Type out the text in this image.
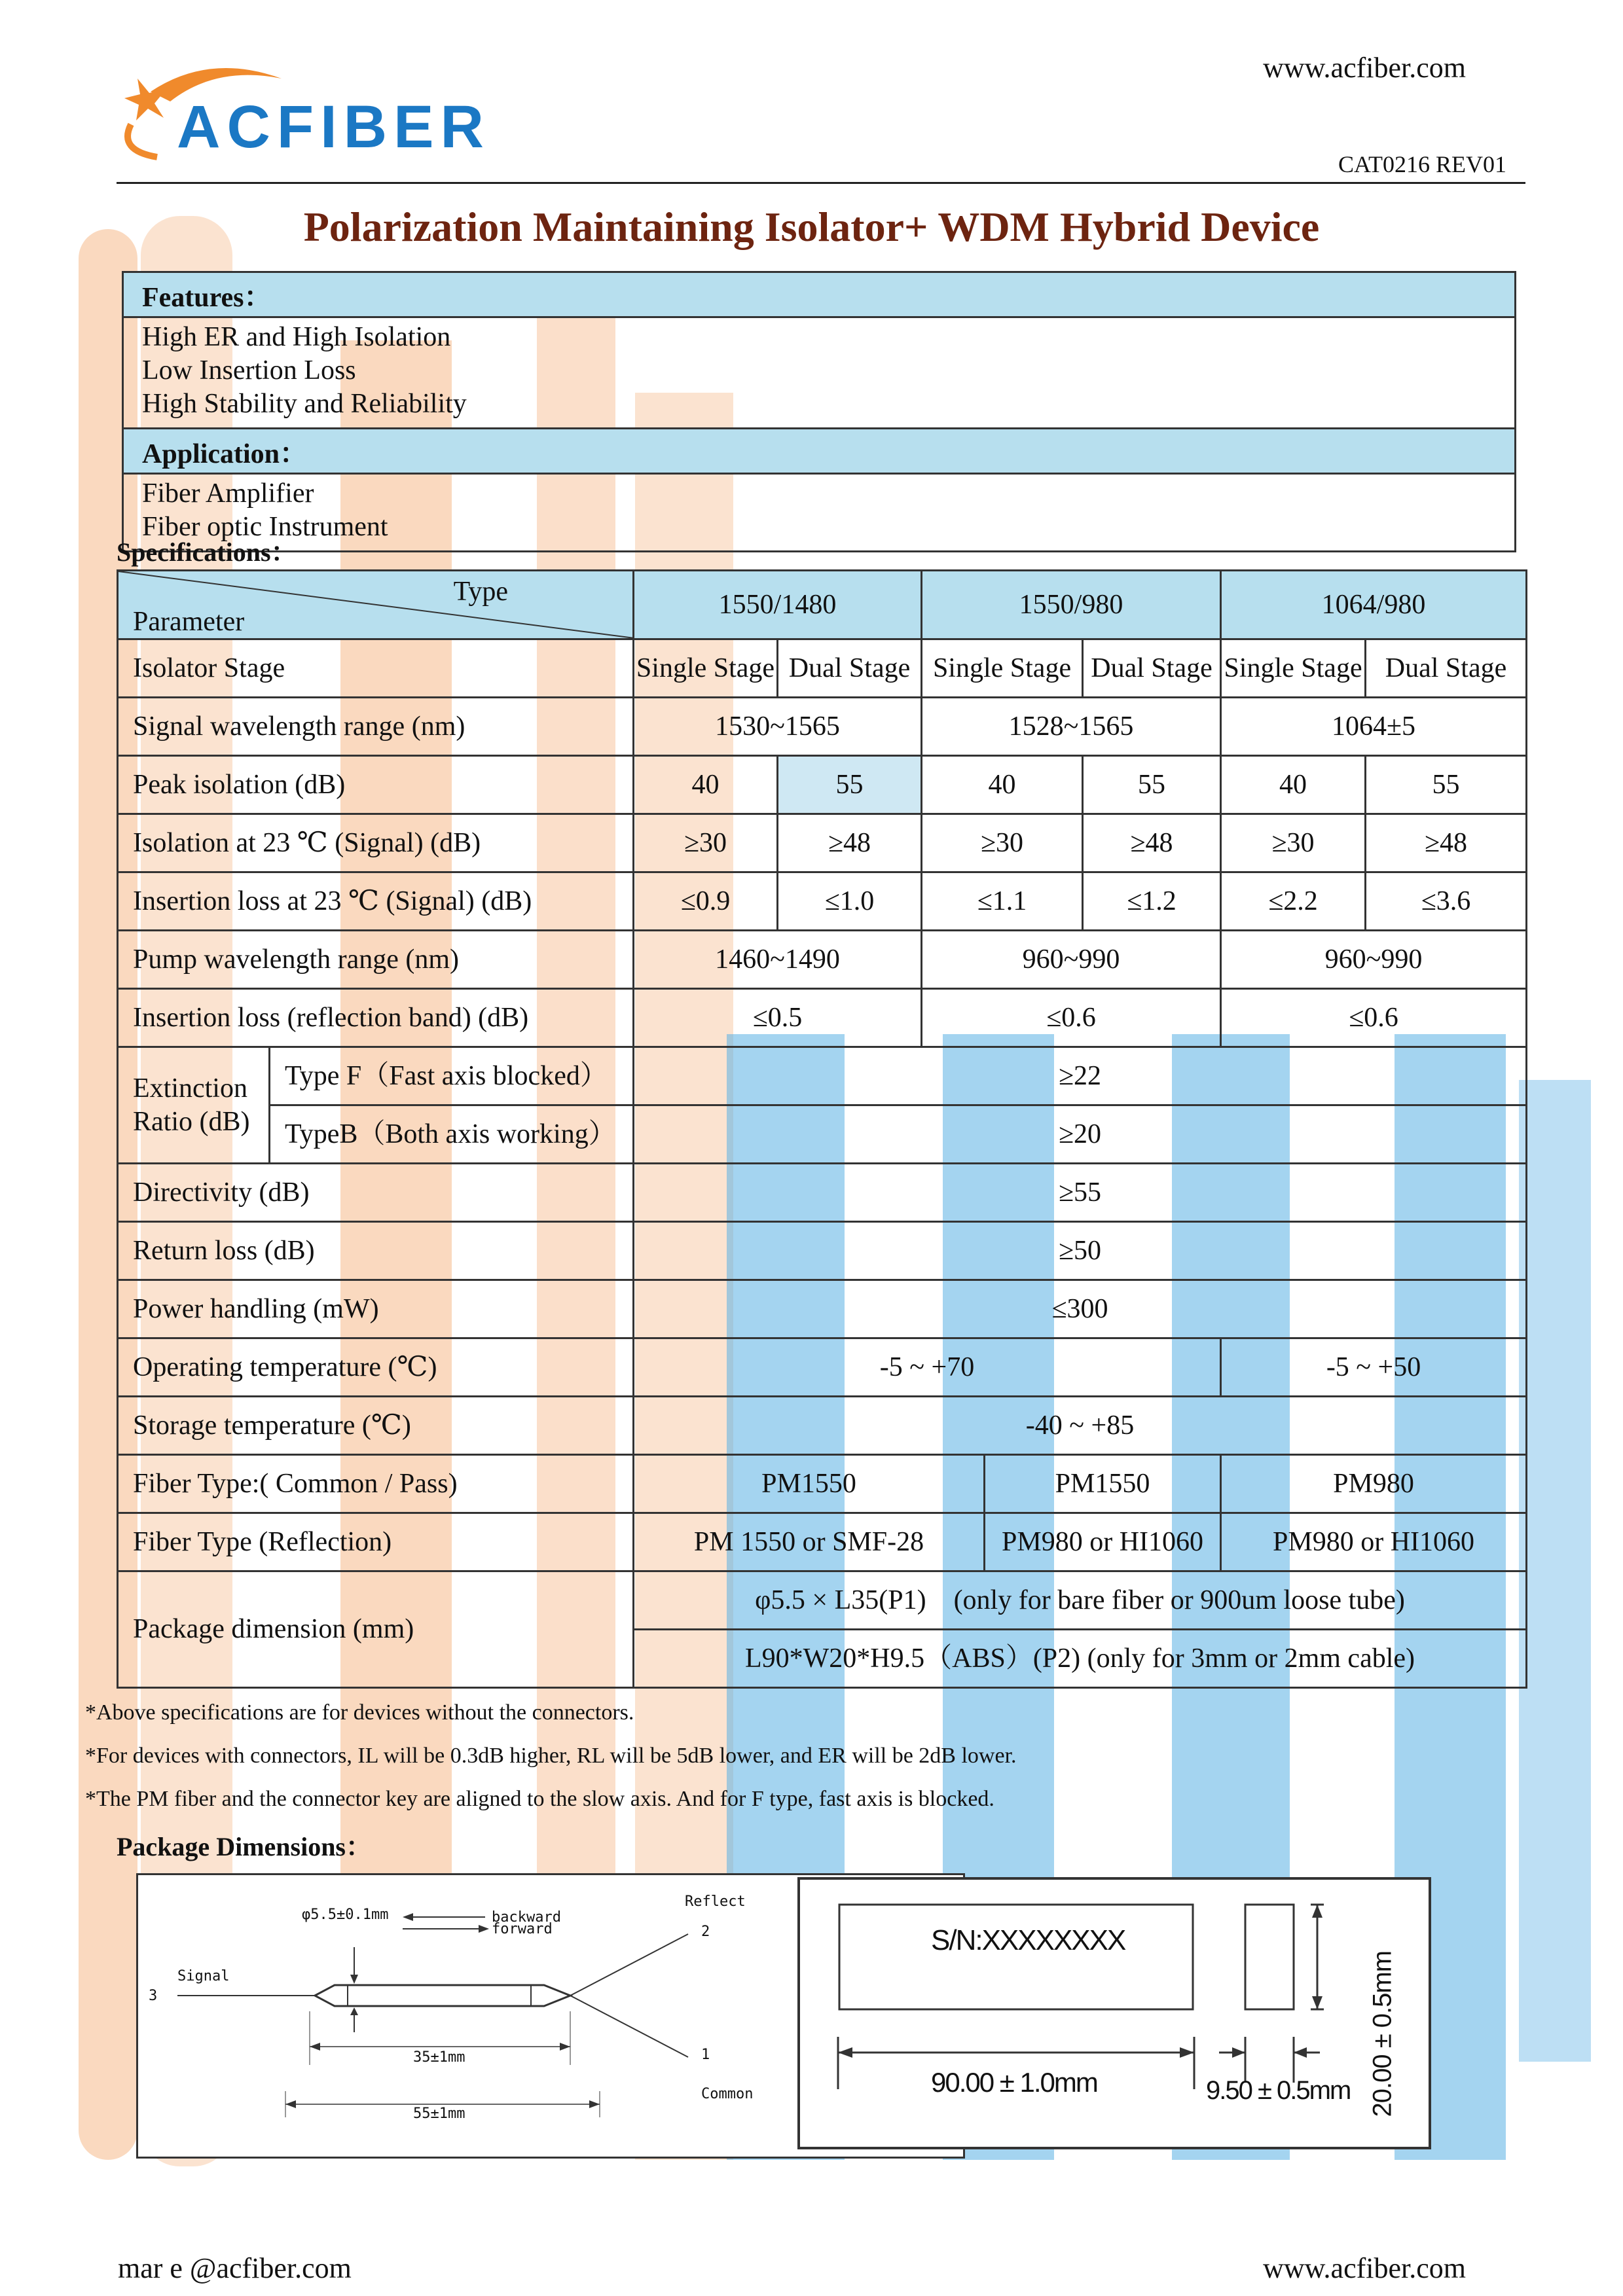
ACFIBER
www.acfiber.com
CAT0216 REV01
Polarization Maintaining Isolator+ WDM Hybrid Device
Features：
High ER and High Isolation
Low Insertion Loss
High Stability and Reliability
Application：
Fiber Amplifier
Fiber optic Instrument
Specifications：
Type
Parameter		1550/1480		1550/980			1064/980	
Isolator Stage		Single Stage	Dual Stage	Single Stage		Dual Stage	Single Stage	Dual Stage
Signal wavelength range (nm)		1530~1565		1528~1565			1064±5	
Peak isolation (dB)		40	55	40		55	40	55
Isolation at 23 ℃ (Signal) (dB)		≥30	≥48	≥30		≥48	≥30	≥48
Insertion loss at 23 ℃ (Signal) (dB)		≤0.9	≤1.0	≤1.1		≤1.2	≤2.2	≤3.6
Pump wavelength range (nm)		1460~1490		960~990			960~990	
Insertion loss (reflection band) (dB)		≤0.5		≤0.6			≤0.6	
Extinction Ratio (dB)	Type F（Fast axis blocked）	≥22						
	TypeB（Both axis working）	≥20						
Directivity (dB)		≥55						
Return loss (dB)		≥50						
Power handling (mW)		≤300						
Operating temperature (℃)		-5 ~ +70					-5 ~ +50	
Storage temperature (℃)		-40 ~ +85						
Fiber Type:( Common / Pass)		PM1550			PM1550		PM980	
Fiber Type (Reflection)		PM 1550 or SMF-28			PM980 or HI1060		PM980 or HI1060	
Package dimension (mm)		φ5.5 × L35(P1)    (only for bare fiber or 900um loose tube)						
		L90*W20*H9.5（ABS）(P2) (only for 3mm or 2mm cable)						
*Above specifications are for devices without the connectors.
*For devices with connectors, IL will be 0.3dB higher, RL will be 5dB lower, and ER will be 2dB lower.
*The PM fiber and the connector key are aligned to the slow axis. And for F type, fast axis is blocked.
Package Dimensions：
φ5.5±0.1mm	backward
forward
Reflect
2
Signal
3
1
Common
35±1mm
55±1mm
S/N:XXXXXXXX
90.00 ± 1.0mm	9.50 ± 0.5mm 20.00 ± 0.5mm
mar e @acfiber.com	www.acfiber.com
